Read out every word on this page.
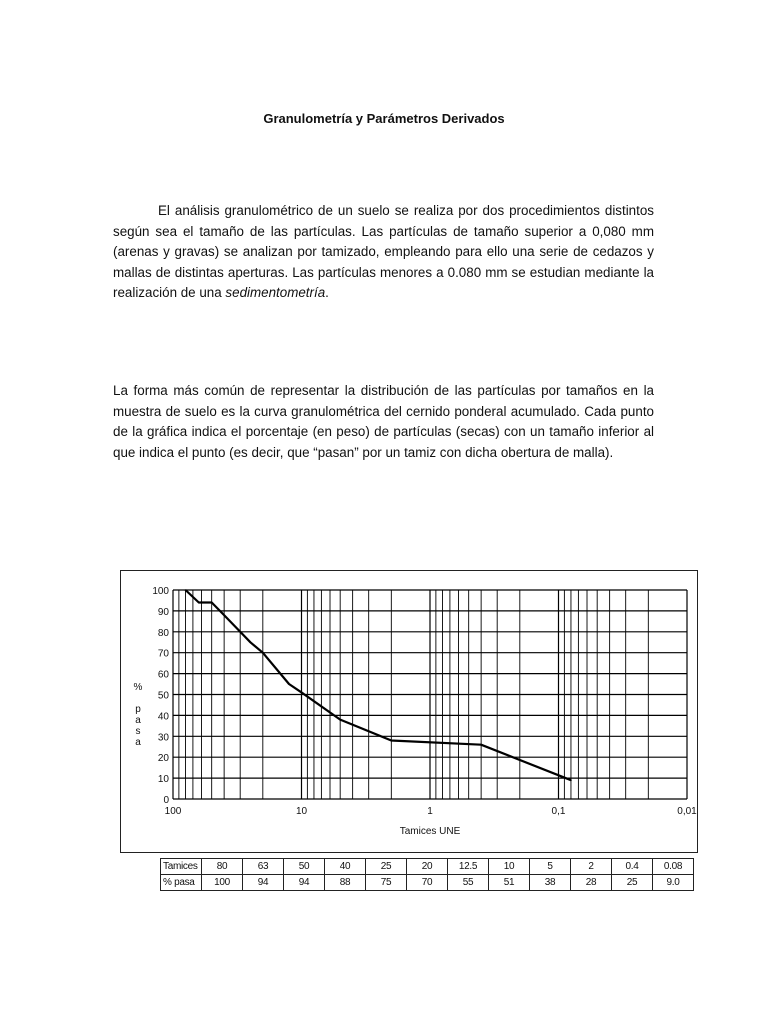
Granulometría y Parámetros Derivados

El análisis granulométrico de un suelo se realiza por dos procedimientos distintos según sea el tamaño de las partículas. Las partículas de tamaño superior a 0,080 mm (arenas y gravas) se analizan por tamizado, empleando para ello una serie de cedazos y mallas de distintas aperturas. Las partículas menores a 0.080 mm se estudian mediante la realización de una sedimentometría.

La forma más común de representar la distribución de las partículas por tamaños en la muestra de suelo es la curva granulométrica del cernido ponderal acumulado. Cada punto de la gráfica indica el porcentaje (en peso) de partículas (secas) con un tamaño inferior al que indica el punto (es decir, que “pasan” por un tamiz con dicha obertura de malla).

0
10
20
30
40
50
60
70
80
90
100
100	10	1	0,1	0,01
Tamices UNE
% p a s a
Tamices	80	63	50	40	25	20	12.5	10	5	2	0.4	0.08
% pasa	100	94	94	88	75	70	55	51	38	28	25	9.0
